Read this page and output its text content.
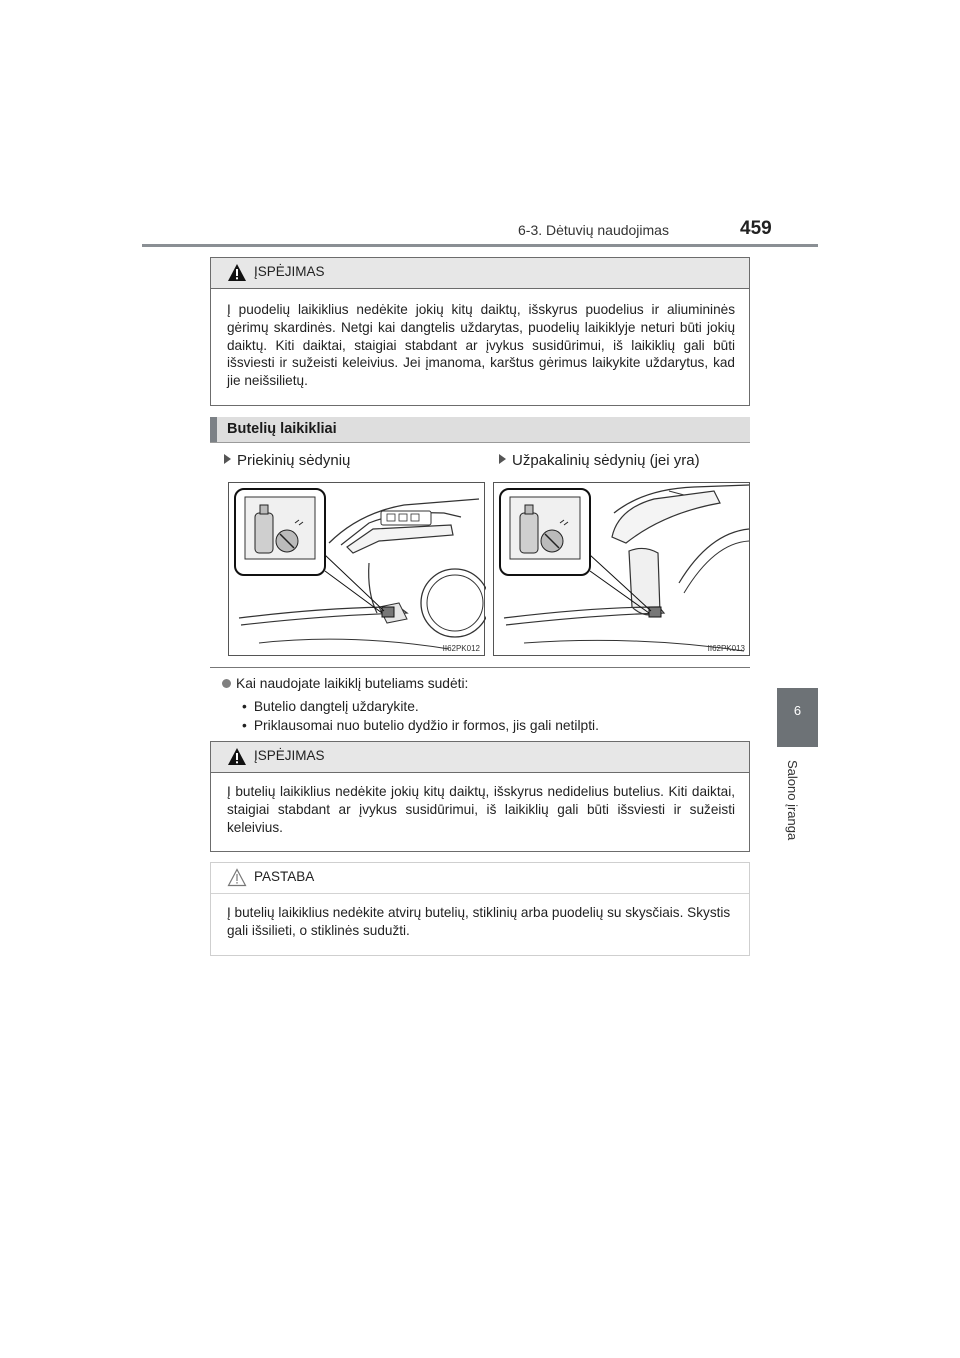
6-3. Dėtuvių naudojimas	459
6
Salono įranga
ĮSPĖJIMAS

Į puodelių laikiklius nedėkite jokių kitų daiktų, išskyrus puodelius ir aliumininės gėrimų skardinės. Netgi kai dangtelis uždarytas, puodelių laikiklyje neturi būti jokių daiktų. Kiti daiktai, staigiai stabdant ar įvykus susidūrimui, iš laikiklių gali būti išsviesti ir sužeisti keleivius. Jei įmanoma, karštus gėrimus laikykite uždarytus, kad jie neišsilietų.

Butelių laikikliai
Priekinių sėdynių	Užpakalinių sėdynių (jei yra)
II62PK012	II62PK013
Kai naudojate laikiklį buteliams sudėti:
• Butelio dangtelį uždarykite.
• Priklausomai nuo butelio dydžio ir formos, jis gali netilpti.
ĮSPĖJIMAS

Į butelių laikiklius nedėkite jokių kitų daiktų, išskyrus nedidelius butelius. Kiti daiktai, staigiai stabdant ar įvykus susidūrimui, iš laikiklių gali būti išsviesti ir sužeisti keleivius.

PASTABA

Į butelių laikiklius nedėkite atvirų butelių, stiklinių arba puodelių su skysčiais. Skystis gali išsilieti, o stiklinės sudužti.
